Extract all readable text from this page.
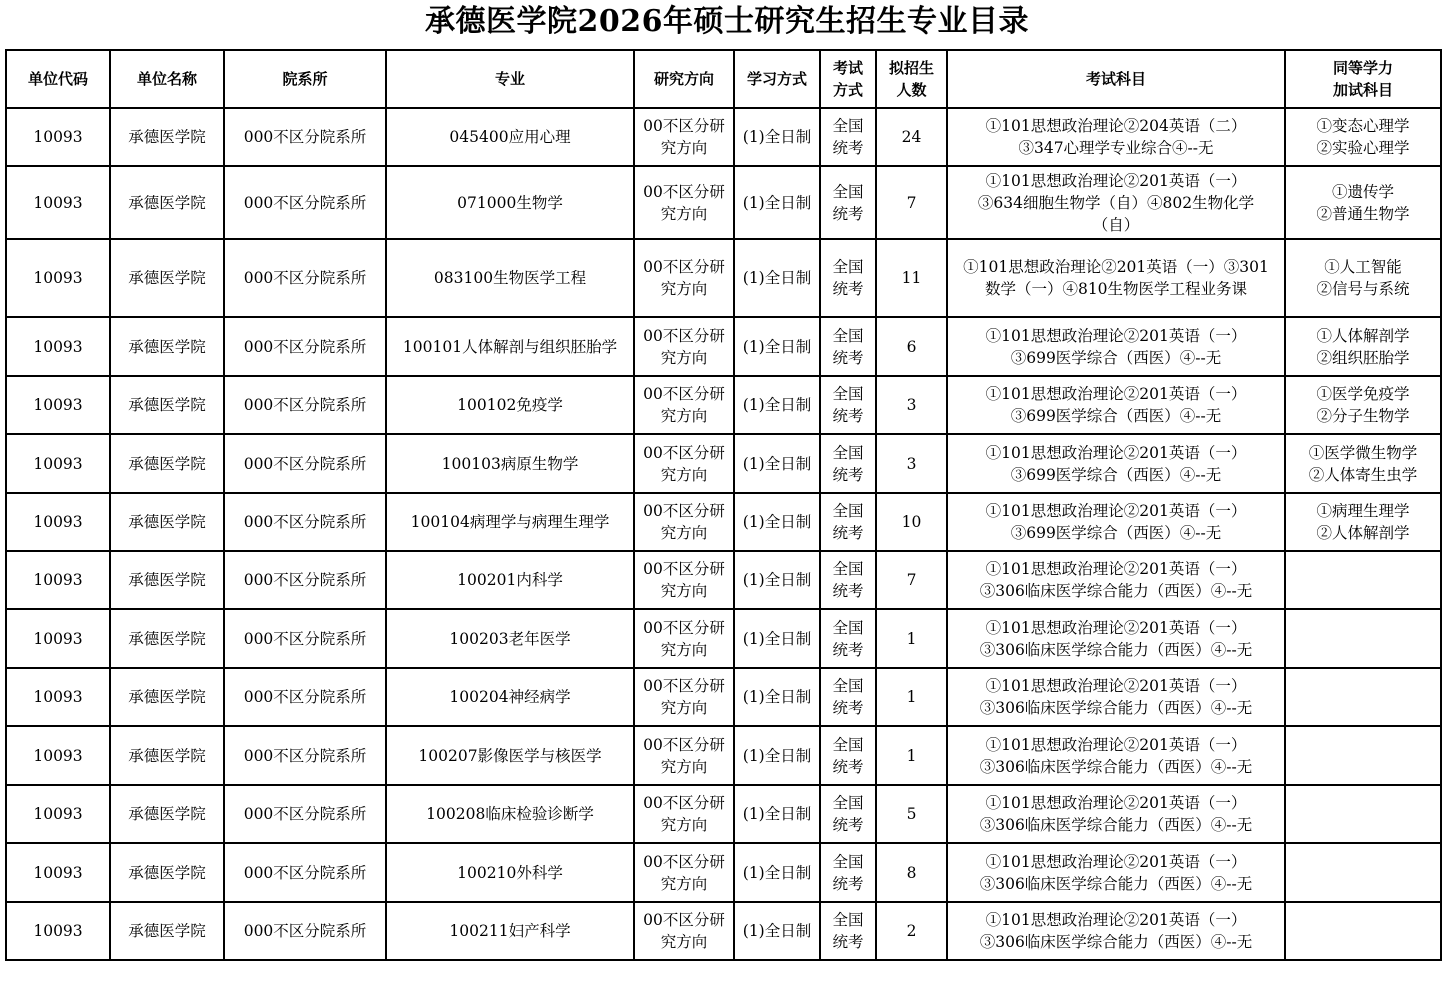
承德医学院2026年硕士研究生招生专业目录
单位代码	单位名称	院系所	专业	研究方向	学习方式	考试
方式	拟招生
人数	考试科目	同等学力
加试科目
10093	承德医学院	000不区分院系所	045400应用心理	00不区分研
究方向	(1)全日制	全国
统考	24	①101思想政治理论②204英语（二）
③347心理学专业综合④--无	①变态心理学
②实验心理学
10093	承德医学院	000不区分院系所	071000生物学	00不区分研
究方向	(1)全日制	全国
统考	7	①101思想政治理论②201英语（一）
③634细胞生物学（自）④802生物化学
（自）	①遗传学
②普通生物学
10093	承德医学院	000不区分院系所	083100生物医学工程	00不区分研
究方向	(1)全日制	全国
统考	11	①101思想政治理论②201英语（一）③301
数学（一）④810生物医学工程业务课	①人工智能
②信号与系统
10093	承德医学院	000不区分院系所	100101人体解剖与组织胚胎学	00不区分研
究方向	(1)全日制	全国
统考	6	①101思想政治理论②201英语（一）
③699医学综合（西医）④--无	①人体解剖学
②组织胚胎学
10093	承德医学院	000不区分院系所	100102免疫学	00不区分研
究方向	(1)全日制	全国
统考	3	①101思想政治理论②201英语（一）
③699医学综合（西医）④--无	①医学免疫学
②分子生物学
10093	承德医学院	000不区分院系所	100103病原生物学	00不区分研
究方向	(1)全日制	全国
统考	3	①101思想政治理论②201英语（一）
③699医学综合（西医）④--无	①医学微生物学
②人体寄生虫学
10093	承德医学院	000不区分院系所	100104病理学与病理生理学	00不区分研
究方向	(1)全日制	全国
统考	10	①101思想政治理论②201英语（一）
③699医学综合（西医）④--无	①病理生理学
②人体解剖学
10093	承德医学院	000不区分院系所	100201内科学	00不区分研
究方向	(1)全日制	全国
统考	7	①101思想政治理论②201英语（一）
③306临床医学综合能力（西医）④--无	
10093	承德医学院	000不区分院系所	100203老年医学	00不区分研
究方向	(1)全日制	全国
统考	1	①101思想政治理论②201英语（一）
③306临床医学综合能力（西医）④--无	
10093	承德医学院	000不区分院系所	100204神经病学	00不区分研
究方向	(1)全日制	全国
统考	1	①101思想政治理论②201英语（一）
③306临床医学综合能力（西医）④--无	
10093	承德医学院	000不区分院系所	100207影像医学与核医学	00不区分研
究方向	(1)全日制	全国
统考	1	①101思想政治理论②201英语（一）
③306临床医学综合能力（西医）④--无	
10093	承德医学院	000不区分院系所	100208临床检验诊断学	00不区分研
究方向	(1)全日制	全国
统考	5	①101思想政治理论②201英语（一）
③306临床医学综合能力（西医）④--无	
10093	承德医学院	000不区分院系所	100210外科学	00不区分研
究方向	(1)全日制	全国
统考	8	①101思想政治理论②201英语（一）
③306临床医学综合能力（西医）④--无	
10093	承德医学院	000不区分院系所	100211妇产科学	00不区分研
究方向	(1)全日制	全国
统考	2	①101思想政治理论②201英语（一）
③306临床医学综合能力（西医）④--无	
